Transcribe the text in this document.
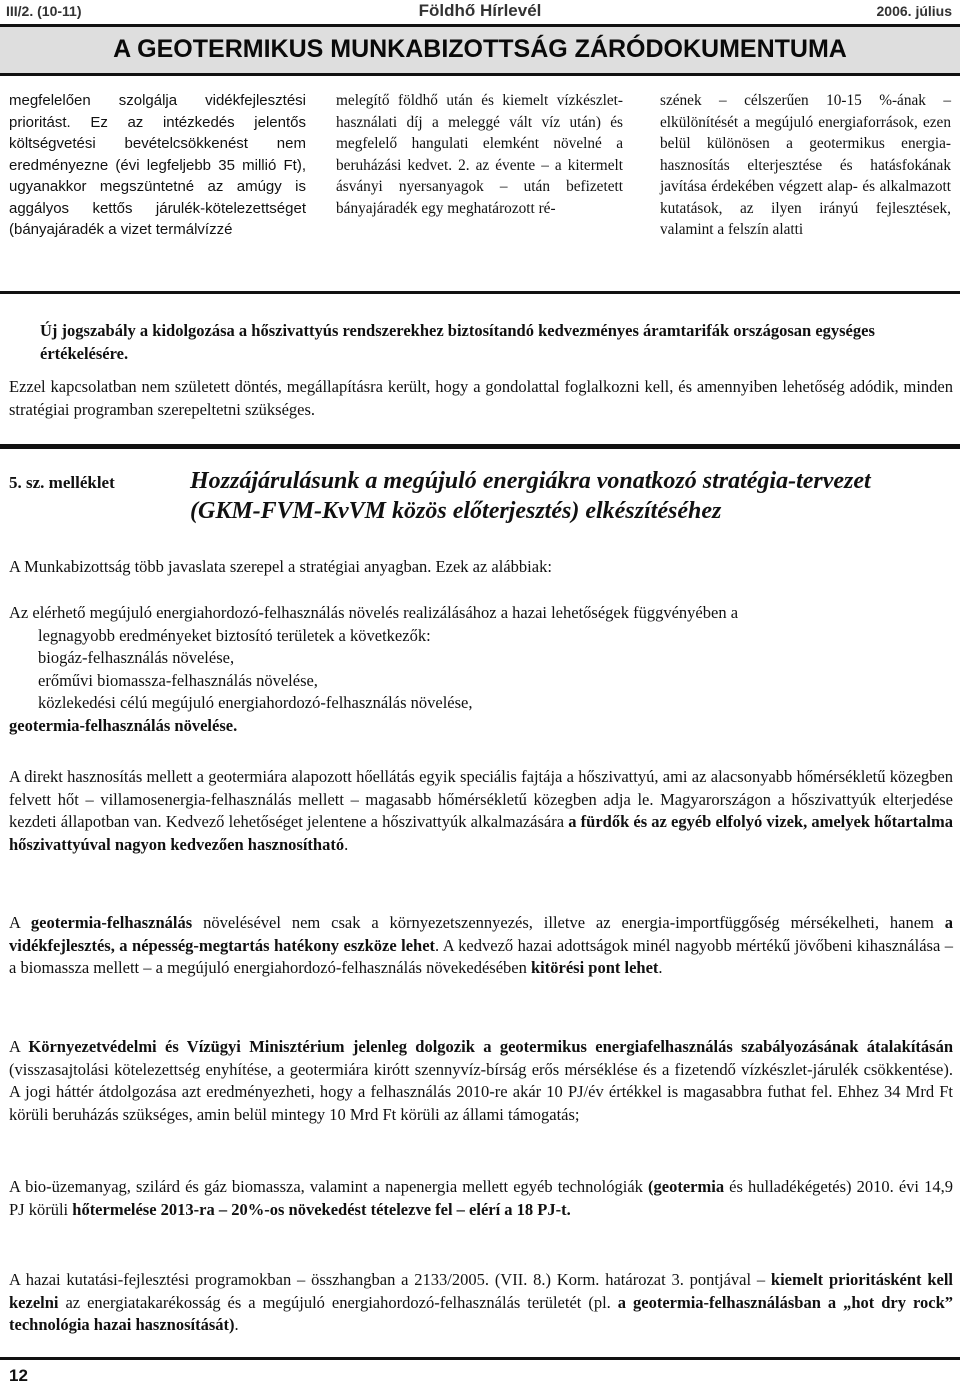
III/2. (10-11)	Földhő Hírlevél	2006. július
A GEOTERMIKUS MUNKABIZOTTSÁG ZÁRÓDOKUMENTUMA
megfelelően szolgálja vidékfejlesztési prioritást. Ez az intézkedés jelentős költségvetési bevételcsökkenést nem eredményezne (évi legfeljebb 35 millió Ft), ugyanakkor megszüntetné az amúgy is aggályos kettős járulék-kötelezettséget (bányajáradék a vizet termálvízzé
melegítő földhő után és kiemelt vízkészlet-használati díj a meleggé vált víz után) és megfelelő hangulati elemként növelné a beruházási kedvet. 2. az évente – a kitermelt ásványi nyersanyagok – után befizetett bányajáradék egy meghatározott ré-
szének – célszerűen 10-15 %-ának – elkülönítését a megújuló energiaforrások, ezen belül különösen a geotermikus energia-hasznosítás elterjesztése és hatásfokának javítása érdekében végzett alap- és alkalmazott kutatások, az ilyen irányú fejlesztések, valamint a felszín alatti
Új jogszabály a kidolgozása a hőszivattyús rendszerekhez biztosítandó kedvezményes áramtarifák országosan egységes értékelésére.
Ezzel kapcsolatban nem született döntés, megállapításra került, hogy a gondolattal foglalkozni kell, és amennyiben lehetőség adódik, minden stratégiai programban szerepeltetni szükséges.
5. sz. melléklet	Hozzájárulásunk a megújuló energiákra vonatkozó stratégia-tervezet
(GKM-FVM-KvVM közös előterjesztés) elkészítéséhez
A Munkabizottság több javaslata szerepel a stratégiai anyagban. Ezek az alábbiak:
Az elérhető megújuló energiahordozó-felhasználás növelés realizálásához a hazai lehetőségek függvényében a
legnagyobb eredményeket biztosító területek a következők:
biogáz-felhasználás növelése,
erőművi biomassza-felhasználás növelése,
közlekedési célú megújuló energiahordozó-felhasználás növelése,
geotermia-felhasználás növelése.
A direkt hasznosítás mellett a geotermiára alapozott hőellátás egyik speciális fajtája a hőszivattyú, ami az alacsonyabb hőmérsékletű közegben felvett hőt – villamosenergia-felhasználás mellett – magasabb hőmérsékletű közegben adja le. Magyarországon a hőszivattyúk elterjedése kezdeti állapotban van. Kedvező lehetőséget jelentene a hőszivattyúk alkalmazására a fürdők és az egyéb elfolyó vizek, amelyek hőtartalma hőszivattyúval nagyon kedvezően hasznosítható.
A geotermia-felhasználás növelésével nem csak a környezetszennyezés, illetve az energia-importfüggőség mérsékelheti, hanem a vidékfejlesztés, a népesség-megtartás hatékony eszköze lehet. A kedvező hazai adottságok minél nagyobb mértékű jövőbeni kihasználása – a biomassza mellett – a megújuló energiahordozó-felhasználás növekedésében kitörési pont lehet.
A Környezetvédelmi és Vízügyi Minisztérium jelenleg dolgozik a geotermikus energiafelhasználás szabályozásának átalakításán (visszasajtolási kötelezettség enyhítése, a geotermiára kirótt szennyvíz-bírság erős mérséklése és a fizetendő vízkészlet-járulék csökkentése). A jogi háttér átdolgozása azt eredményezheti, hogy a felhasználás 2010-re akár 10 PJ/év értékkel is magasabbra futhat fel. Ehhez 34 Mrd Ft körüli beruházás szükséges, amin belül mintegy 10 Mrd Ft körüli az állami támogatás;
A bio-üzemanyag, szilárd és gáz biomassza, valamint a napenergia mellett egyéb technológiák (geotermia és hulladékégetés) 2010. évi 14,9 PJ körüli hőtermelése 2013-ra – 20%-os növekedést tételezve fel – elérí a 18 PJ-t.
A hazai kutatási-fejlesztési programokban – összhangban a 2133/2005. (VII. 8.) Korm. határozat 3. pontjával – kiemelt prioritásként kell kezelni az energiatakarékosság és a megújuló energiahordozó-felhasználás területét (pl. a geotermia-felhasználásban a „hot dry rock” technológia hazai hasznosítását).
12
